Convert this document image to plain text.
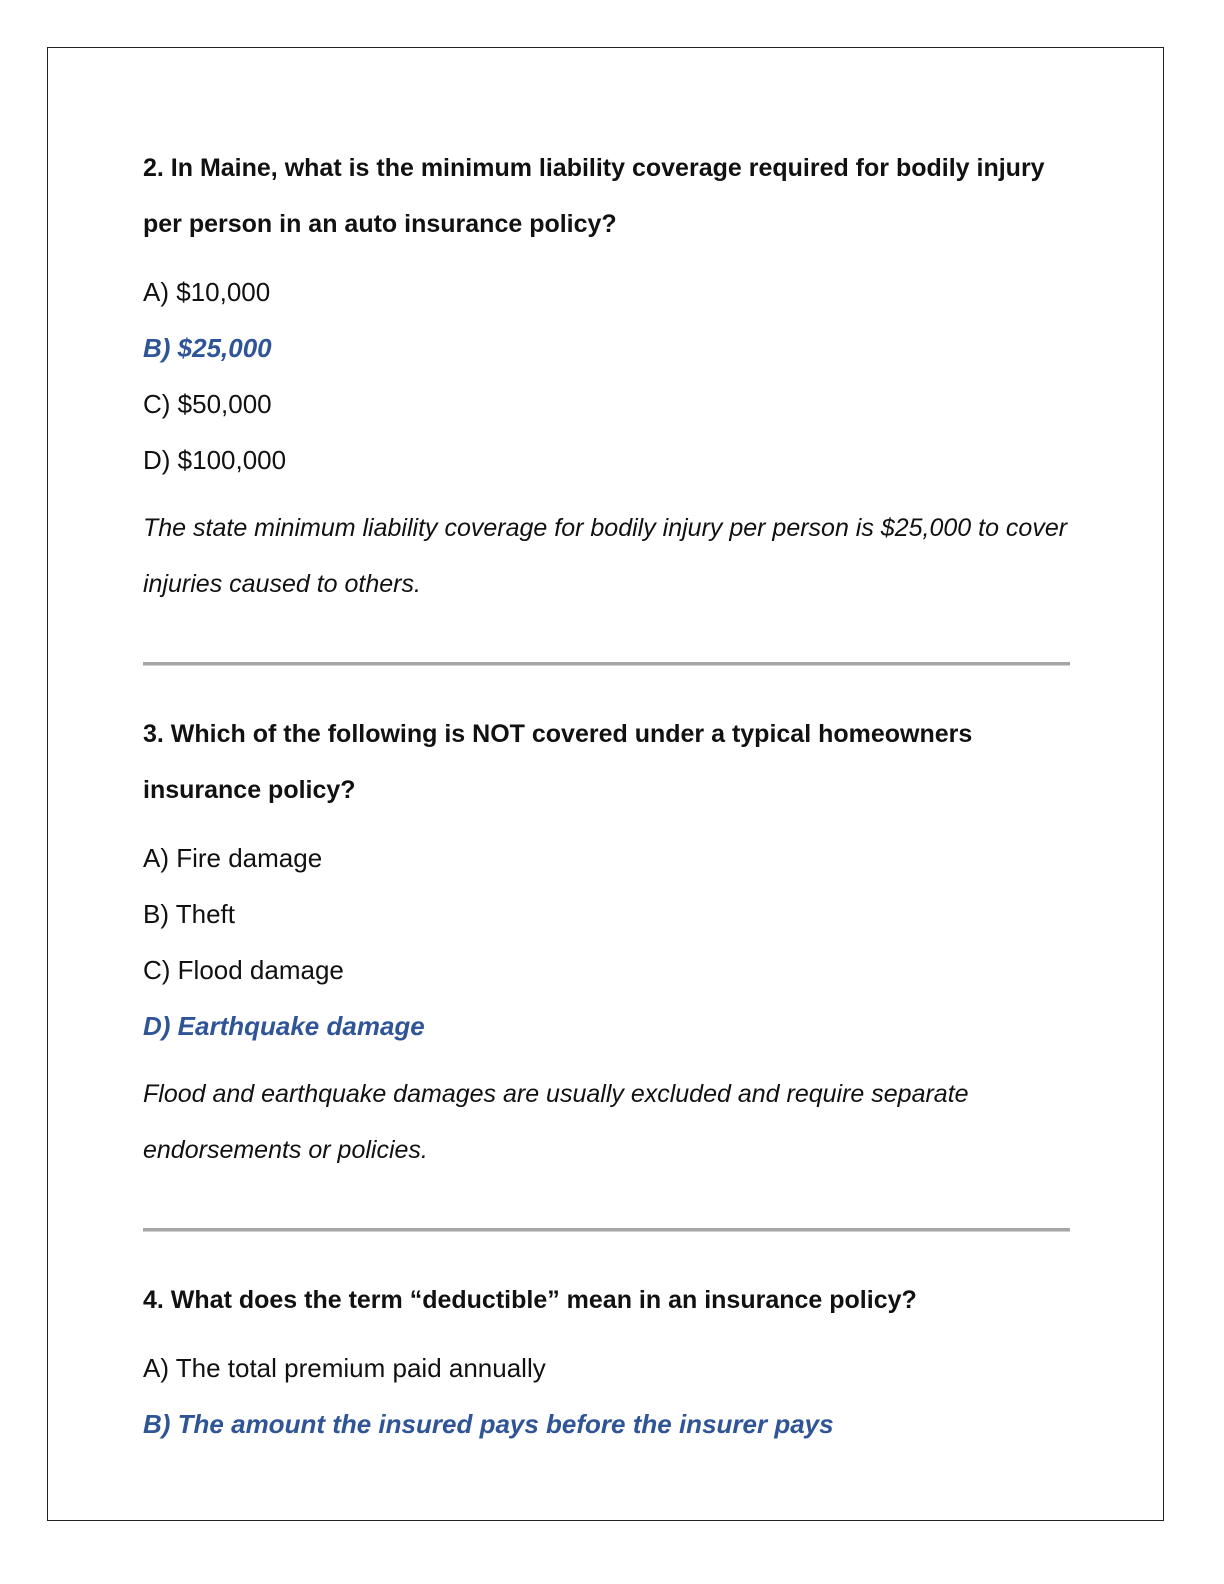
2. In Maine, what is the minimum liability coverage required for bodily injury per person in an auto insurance policy?

A) $10,000

B) $25,000

C) $50,000

D) $100,000

The state minimum liability coverage for bodily injury per person is $25,000 to cover injuries caused to others.

3. Which of the following is NOT covered under a typical homeowners insurance policy?

A) Fire damage

B) Theft

C) Flood damage

D) Earthquake damage

Flood and earthquake damages are usually excluded and require separate endorsements or policies.

4. What does the term “deductible” mean in an insurance policy?

A) The total premium paid annually

B) The amount the insured pays before the insurer pays
